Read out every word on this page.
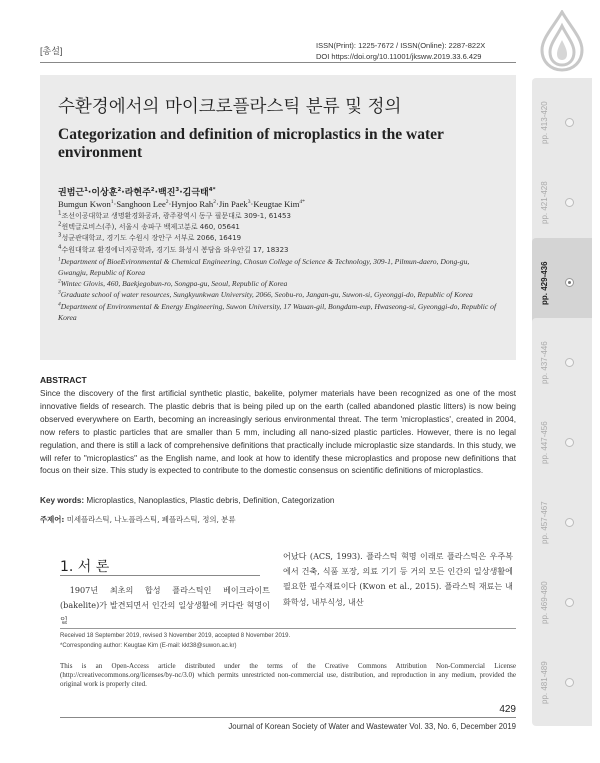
[총설]
ISSN(Print): 1225-7672 / ISSN(Online): 2287-822X
DOI https://doi.org/10.11001/jksww.2019.33.6.429
pp. 413-420
pp. 421-428
pp. 429-436
pp. 437-446
pp. 447-456
pp. 457-467
pp. 469-480
pp. 481-489
수환경에서의 마이크로플라스틱 분류 및 정의
Categorization and definition of microplastics in the water environment
권범근$^1$·이상훈$^2$·라현주$^2$·백진$^3$·김극태$^{4*}$
Bumgun Kwon$^1$·Sanghoon Lee$^2$·Hynjoo Rah$^2$·Jin Paek$^3$·Keugtae Kim$^{4*}$
$^1$조선이공대학교 생명환경화공과, 광주광역시 동구 필문대로 309-1, 61453
$^2$윈텍글로비스(주), 서울시 송파구 백제고분로 460, 05641
$^3$성균관대학교, 경기도 수원시 장안구 서부로 2066, 16419
$^4$수원대학교 환경에너지공학과, 경기도 화성시 봉담읍 와우안길 17, 18323
$^1$Department of BioeEvironmental & Chemical Engineering, Chosun College of Science & Technology, 309-1, Pilmun-daero, Dong-gu, Gwangju, Republic of Korea
$^2$Wintec Glovis, 460, Baekjegobun-ro, Songpa-gu, Seoul, Republic of Korea
$^3$Graduate school of water resources, Sungkyunkwan University, 2066, Seobu-ro, Jangan-gu, Suwon-si, Gyeonggi-do, Republic of Korea
$^4$Department of Environmental & Energy Engineering, Suwon University, 17 Wauan-gil, Bongdam-eup, Hwaseong-si, Gyeonggi-do, Republic of Korea
ABSTRACT

Since the discovery of the first artificial synthetic plastic, bakelite, polymer materials have been recognized as one of the most innovative fields of research. The plastic debris that is being piled up on the earth (called abandoned plastic litters) is now being observed everywhere on Earth, becoming an increasingly serious environmental threat. The term 'microplastics', created in 2004, now refers to plastic particles that are smaller than 5 mm, including all nano-sized plastic particles. However, there is no legal regulation, and there is still a lack of comprehensive definitions that practically include microplastic size standards. In this study, we will refer to "microplastics" as the English name, and look at how to identify these microplastics and propose new definitions that focus on their size. This study is expected to contribute to the domestic consensus on scientific definitions of microplastics.

Key words: Microplastics, Nanoplastics, Plastic debris, Definition, Categorization
주제어: 미세플라스틱, 나노플라스틱, 폐플라스틱, 정의, 분류
1. 서 론

1907년 최초의 합성 플라스틱인 베이크라이트(bakelite)가 발견되면서 인간의 일상생활에 커다란 혁명이 일

어났다 (ACS, 1993). 플라스틱 혁명 이래로 플라스틱은 우주복에서 건축, 식품 포장, 의료 기기 등 거의 모든 인간의 일상생활에 필요한 필수재료이다 (Kwon et al., 2015). 플라스틱 재료는 내화학성, 내부식성, 내산

Received 18 September 2019, revised 3 November 2019, accepted 8 November 2019.
*Corresponding author: Keugtae Kim (E-mail: kkt38@suwon.ac.kr)

This is an Open-Access article distributed under the terms of the Creative Commons Attribution Non-Commercial License (http://creativecommons.org/licenses/by-nc/3.0) which permits unrestricted non-commercial use, distribution, and reproduction in any medium, provided the original work is properly cited.

429
Journal of Korean Society of Water and Wastewater Vol. 33, No. 6, December 2019
